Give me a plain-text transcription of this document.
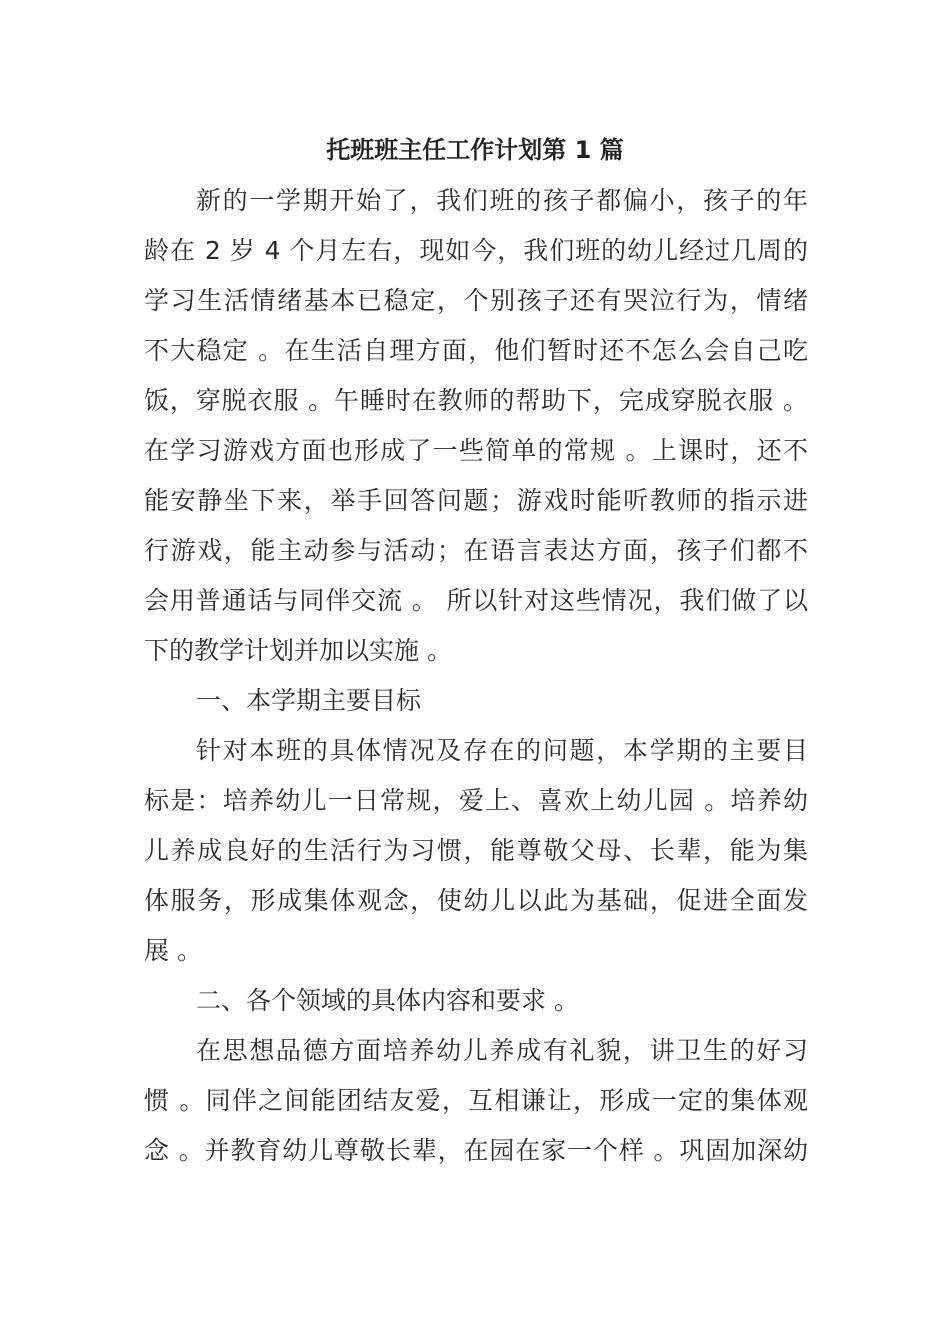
托班班主任工作计划第 1 篇
新的一学期开始了，我们班的孩子都偏小，孩子的年
龄在 2 岁 4 个月左右，现如今，我们班的幼儿经过几周的
学习生活情绪基本已稳定，个别孩子还有哭泣行为，情绪
不大稳定 。在生活自理方面，他们暂时还不怎么会自己吃
饭，穿脱衣服 。午睡时在教师的帮助下，完成穿脱衣服 。
在学习游戏方面也形成了一些简单的常规 。上课时，还不
能安静坐下来，举手回答问题；游戏时能听教师的指示进
行游戏，能主动参与活动；在语言表达方面，孩子们都不
会用普通话与同伴交流 。 所以针对这些情况，我们做了以
下的教学计划并加以实施 。
一、本学期主要目标
针对本班的具体情况及存在的问题，本学期的主要目
标是：培养幼儿一日常规，爱上、喜欢上幼儿园 。培养幼
儿养成良好的生活行为习惯，能尊敬父母、长辈，能为集
体服务，形成集体观念，使幼儿以此为基础，促进全面发
展 。
二、各个领域的具体内容和要求 。
在思想品德方面培养幼儿养成有礼貌，讲卫生的好习
惯 。同伴之间能团结友爱，互相谦让，形成一定的集体观
念 。并教育幼儿尊敬长辈，在园在家一个样 。巩固加深幼
